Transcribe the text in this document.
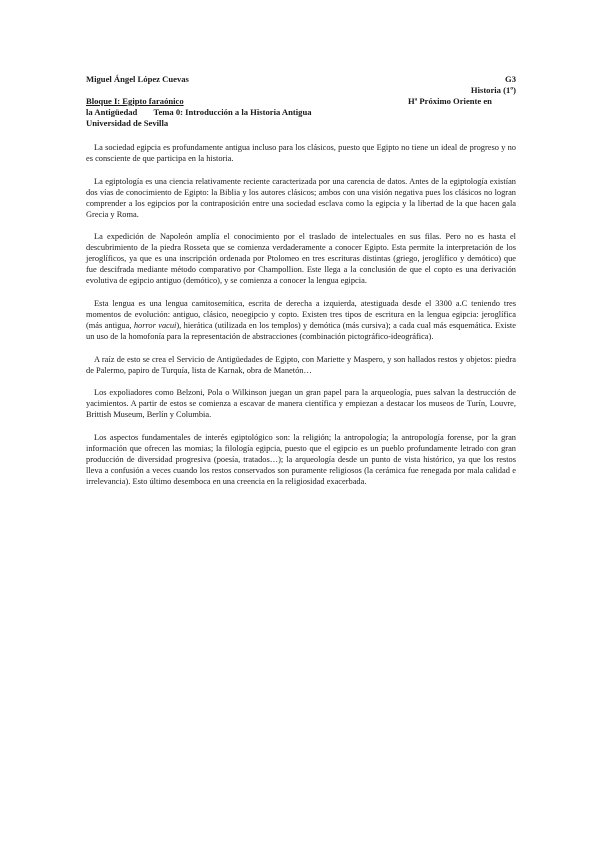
Miguel Ángel López Cuevas	G3
Historia (1º)
Bloque I: Egipto faraónico	Hª Próximo Oriente en
la Antigüedad Tema 0: Introducción a la Historia Antigua
Universidad de Sevilla

La sociedad egipcia es profundamente antigua incluso para los clásicos, puesto que Egipto no tiene un ideal de progreso y no es consciente de que participa en la historia.

La egiptología es una ciencia relativamente reciente caracterizada por una carencia de datos. Antes de la egiptología existían dos vías de conocimiento de Egipto: la Biblia y los autores clásicos; ambos con una visión negativa pues los clásicos no logran comprender a los egipcios por la contraposición entre una sociedad esclava como la egipcia y la libertad de la que hacen gala Grecia y Roma.

La expedición de Napoleón amplía el conocimiento por el traslado de intelectuales en sus filas. Pero no es hasta el descubrimiento de la piedra Rosseta que se comienza verdaderamente a conocer Egipto. Esta permite la interpretación de los jeroglíficos, ya que es una inscripción ordenada por Ptolomeo en tres escrituras distintas (griego, jeroglífico y demótico) que fue descifrada mediante método comparativo por Champollion. Este llega a la conclusión de que el copto es una derivación evolutiva de egipcio antiguo (demótico), y se comienza a conocer la lengua egipcia.

Esta lengua es una lengua camitosemítica, escrita de derecha a izquierda, atestiguada desde el 3300 a.C teniendo tres momentos de evolución: antiguo, clásico, neoegipcio y copto. Existen tres tipos de escritura en la lengua egipcia: jeroglífica (más antigua, horror vacui), hierática (utilizada en los templos) y demótica (más cursiva); a cada cual más esquemática. Existe un uso de la homofonía para la representación de abstracciones (combinación pictográfico-ideográfica).

A raíz de esto se crea el Servicio de Antigüedades de Egipto, con Mariette y Maspero, y son hallados restos y objetos: piedra de Palermo, papiro de Turquía, lista de Karnak, obra de Manetón…

Los expoliadores como Belzoni, Pola o Wilkinson juegan un gran papel para la arqueología, pues salvan la destrucción de yacimientos. A partir de estos se comienza a escavar de manera científica y empiezan a destacar los museos de Turín, Louvre, Brittish Museum, Berlín y Columbia.

Los aspectos fundamentales de interés egiptológico son: la religión; la antropología; la antropología forense, por la gran información que ofrecen las momias; la filología egipcia, puesto que el egipcio es un pueblo profundamente letrado con gran producción de diversidad progresiva (poesía, tratados…); la arqueología desde un punto de vista histórico, ya que los restos lleva a confusión a veces cuando los restos conservados son puramente religiosos (la cerámica fue renegada por mala calidad e irrelevancia). Esto último desemboca en una creencia en la religiosidad exacerbada.
